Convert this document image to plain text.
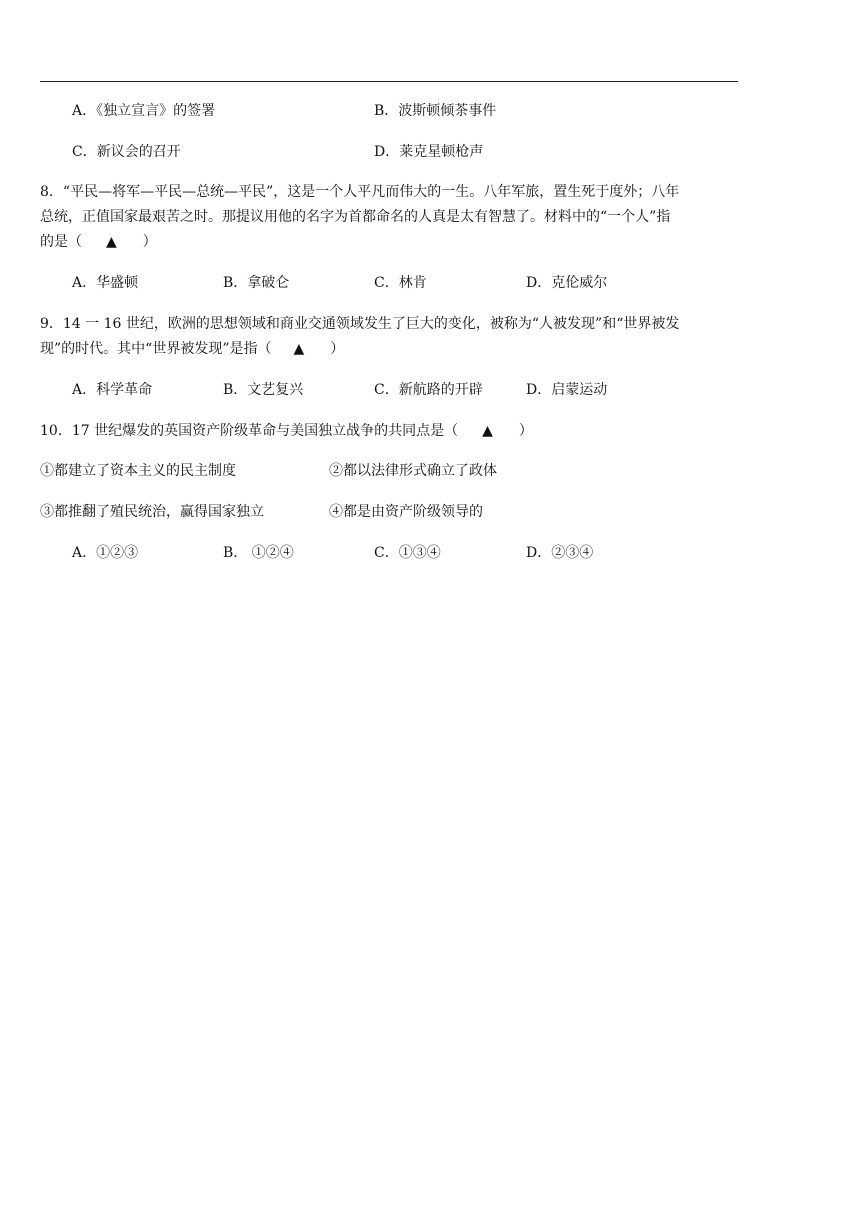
A．《独立宣言》的签署	B．波斯顿倾茶事件
C．新议会的召开	D．莱克星顿枪声
8．“平民—将军—平民—总统—平民”，这是一个人平凡而伟大的一生。八年军旅，置生死于度外；八年
总统，正值国家最艰苦之时。那提议用他的名字为首都命名的人真是太有智慧了。材料中的“一个人”指
的是（ ▲ ）
A．华盛顿	B．拿破仑	C．林肯	D．克伦威尔
9．14 一 16 世纪，欧洲的思想领域和商业交通领域发生了巨大的变化，被称为“人被发现”和“世界被发
现”的时代。其中“世界被发现”是指（ ▲ ）
A．科学革命	B．文艺复兴	C．新航路的开辟	D．启蒙运动
10．17 世纪爆发的英国资产阶级革命与美国独立战争的共同点是（ ▲ ）
①都建立了资本主义的民主制度	②都以法律形式确立了政体
③都推翻了殖民统治，赢得国家独立	④都是由资产阶级领导的
A．①②③	B． ①②④	C．①③④	D．②③④
